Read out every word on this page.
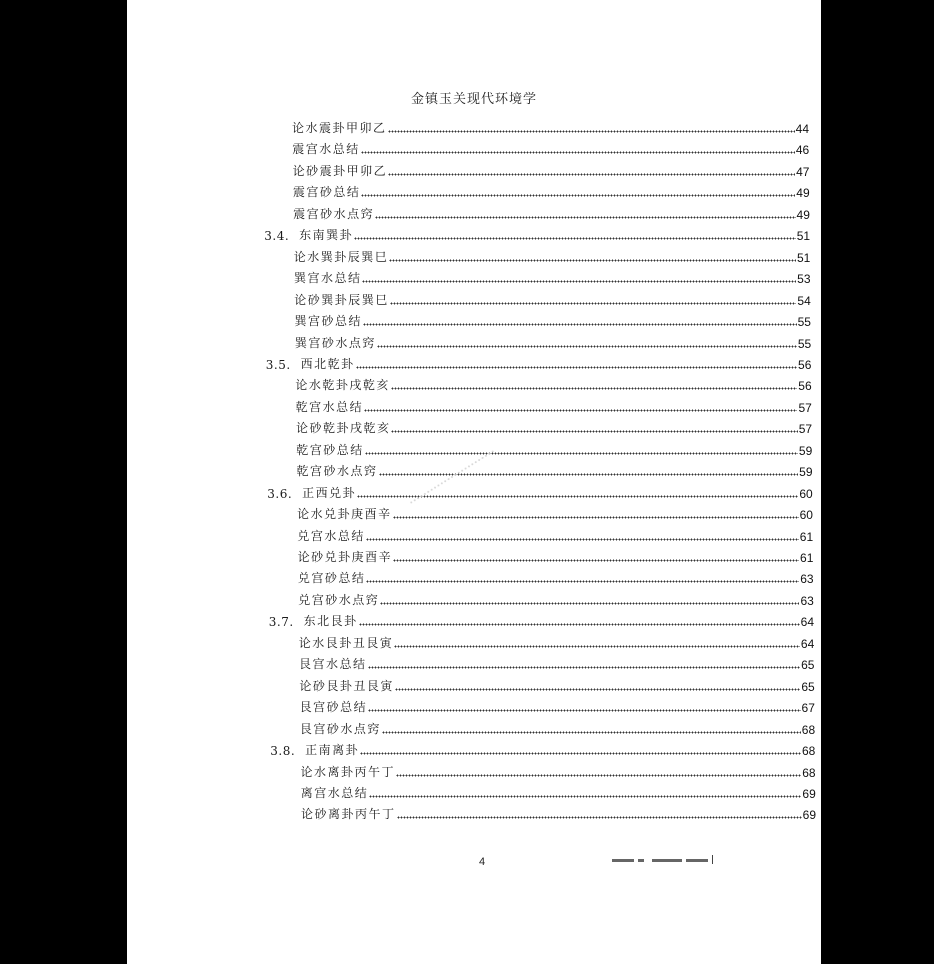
金镇玉关现代环境学
论水震卦甲卯乙	44
震宫水总结	46
论砂震卦甲卯乙	47
震宫砂总结	49
震宫砂水点窍	49
3.4. 东南巽卦	51
论水巽卦辰巽巳	51
巽宫水总结	53
论砂巽卦辰巽巳	54
巽宫砂总结	55
巽宫砂水点窍	55
3.5. 西北乾卦	56
论水乾卦戌乾亥	56
乾宫水总结	57
论砂乾卦戌乾亥	57
乾宫砂总结	59
乾宫砂水点窍	59
3.6. 正西兑卦	60
论水兑卦庚酉辛	60
兑宫水总结	61
论砂兑卦庚酉辛	61
兑宫砂总结	63
兑宫砂水点窍	63
3.7. 东北艮卦	64
论水艮卦丑艮寅	64
艮宫水总结	65
论砂艮卦丑艮寅	65
艮宫砂总结	67
艮宫砂水点窍	68
3.8. 正南离卦	68
论水离卦丙午丁	68
离宫水总结	69
论砂离卦丙午丁	69
4
